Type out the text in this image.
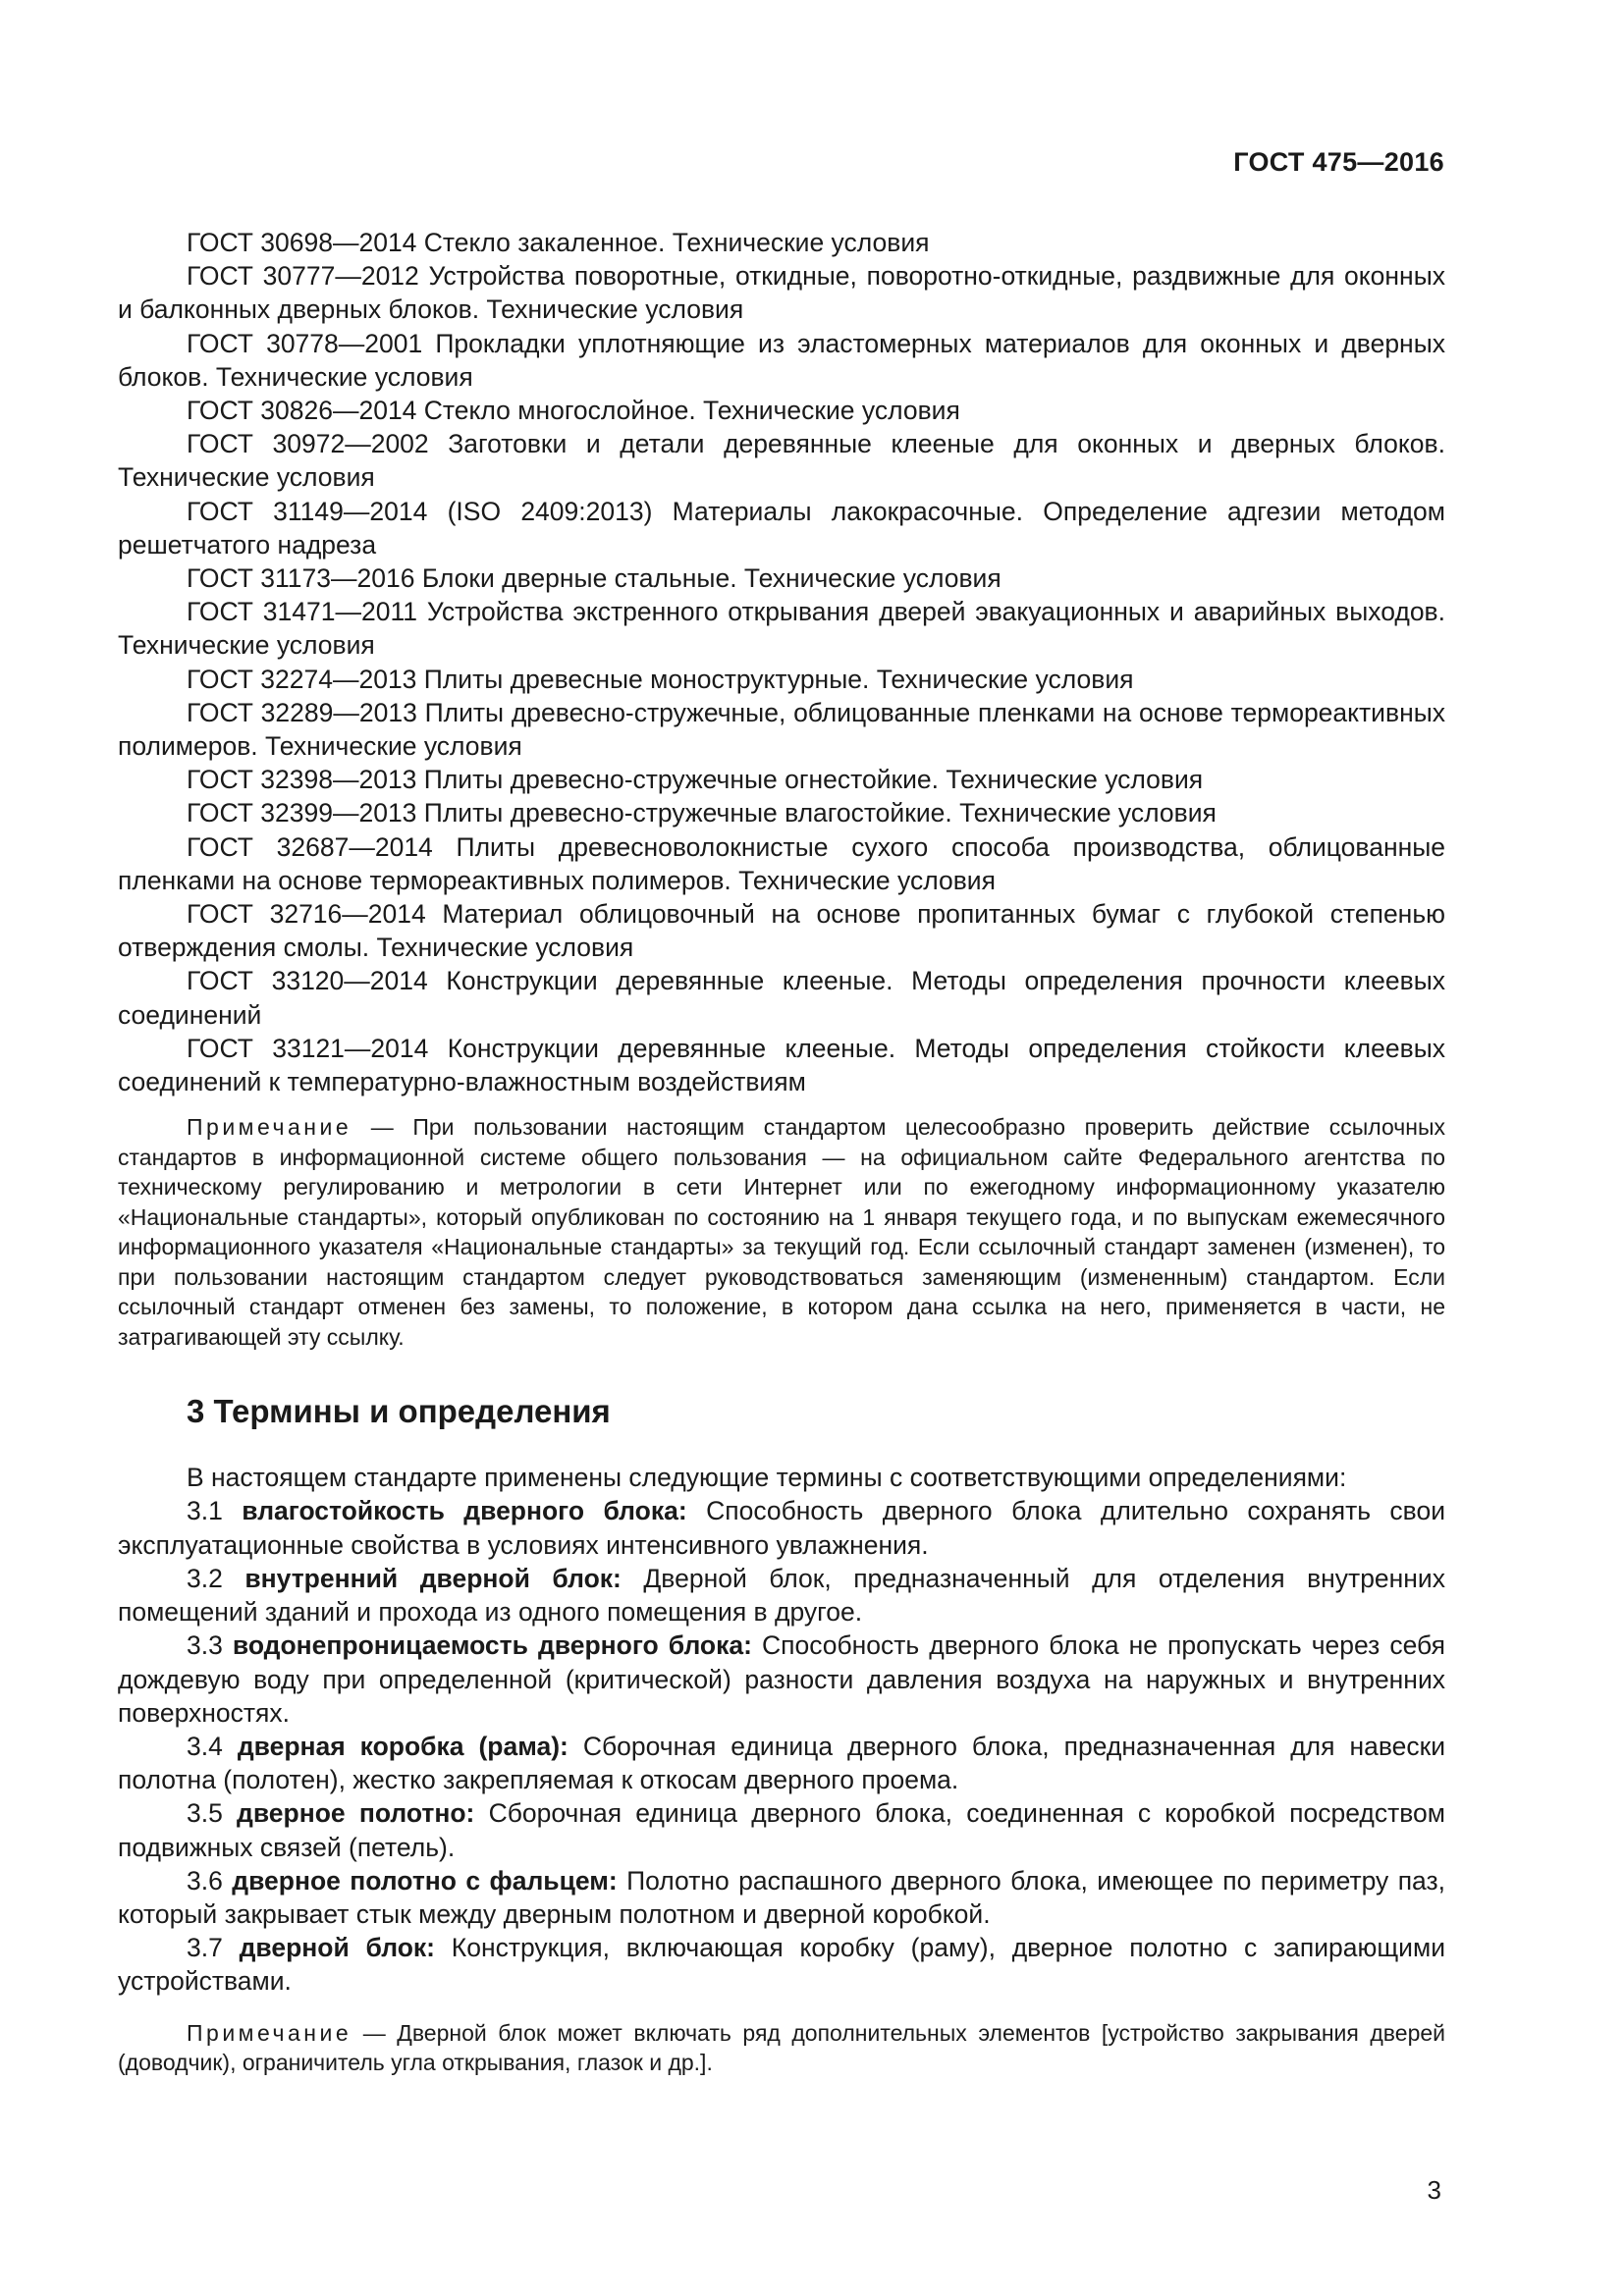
ГОСТ 475—2016

ГОСТ 30698—2014 Стекло закаленное. Технические условия

ГОСТ 30777—2012 Устройства поворотные, откидные, поворотно-откидные, раздвижные для оконных и балконных дверных блоков. Технические условия

ГОСТ 30778—2001 Прокладки уплотняющие из эластомерных материалов для оконных и дверных блоков. Технические условия

ГОСТ 30826—2014 Стекло многослойное. Технические условия

ГОСТ 30972—2002 Заготовки и детали деревянные клееные для оконных и дверных блоков. Технические условия

ГОСТ 31149—2014 (ISO 2409:2013) Материалы лакокрасочные. Определение адгезии методом решетчатого надреза

ГОСТ 31173—2016 Блоки дверные стальные. Технические условия

ГОСТ 31471—2011 Устройства экстренного открывания дверей эвакуационных и аварийных выходов. Технические условия

ГОСТ 32274—2013 Плиты древесные моноструктурные. Технические условия

ГОСТ 32289—2013 Плиты древесно-стружечные, облицованные пленками на основе термореактивных полимеров. Технические условия

ГОСТ 32398—2013 Плиты древесно-стружечные огнестойкие. Технические условия

ГОСТ 32399—2013 Плиты древесно-стружечные влагостойкие. Технические условия

ГОСТ 32687—2014 Плиты древесноволокнистые сухого способа производства, облицованные пленками на основе термореактивных полимеров. Технические условия

ГОСТ 32716—2014 Материал облицовочный на основе пропитанных бумаг с глубокой степенью отверждения смолы. Технические условия

ГОСТ 33120—2014 Конструкции деревянные клееные. Методы определения прочности клеевых соединений

ГОСТ 33121—2014 Конструкции деревянные клееные. Методы определения стойкости клеевых соединений к температурно-влажностным воздействиям

Примечание — При пользовании настоящим стандартом целесообразно проверить действие ссылочных стандартов в информационной системе общего пользования — на официальном сайте Федерального агентства по техническому регулированию и метрологии в сети Интернет или по ежегодному информационному указателю «Национальные стандарты», который опубликован по состоянию на 1 января текущего года, и по выпускам ежемесячного информационного указателя «Национальные стандарты» за текущий год. Если ссылочный стандарт заменен (изменен), то при пользовании настоящим стандартом следует руководствоваться заменяющим (измененным) стандартом. Если ссылочный стандарт отменен без замены, то положение, в котором дана ссылка на него, применяется в части, не затрагивающей эту ссылку.

3 Термины и определения

В настоящем стандарте применены следующие термины с соответствующими определениями:

3.1 влагостойкость дверного блока: Способность дверного блока длительно сохранять свои эксплуатационные свойства в условиях интенсивного увлажнения.

3.2 внутренний дверной блок: Дверной блок, предназначенный для отделения внутренних помещений зданий и прохода из одного помещения в другое.

3.3 водонепроницаемость дверного блока: Способность дверного блока не пропускать через себя дождевую воду при определенной (критической) разности давления воздуха на наружных и внутренних поверхностях.

3.4 дверная коробка (рама): Сборочная единица дверного блока, предназначенная для навески полотна (полотен), жестко закрепляемая к откосам дверного проема.

3.5 дверное полотно: Сборочная единица дверного блока, соединенная с коробкой посредством подвижных связей (петель).

3.6 дверное полотно с фальцем: Полотно распашного дверного блока, имеющее по периметру паз, который закрывает стык между дверным полотном и дверной коробкой.

3.7 дверной блок: Конструкция, включающая коробку (раму), дверное полотно с запирающими устройствами.

Примечание — Дверной блок может включать ряд дополнительных элементов [устройство закрывания дверей (доводчик), ограничитель угла открывания, глазок и др.].

3
